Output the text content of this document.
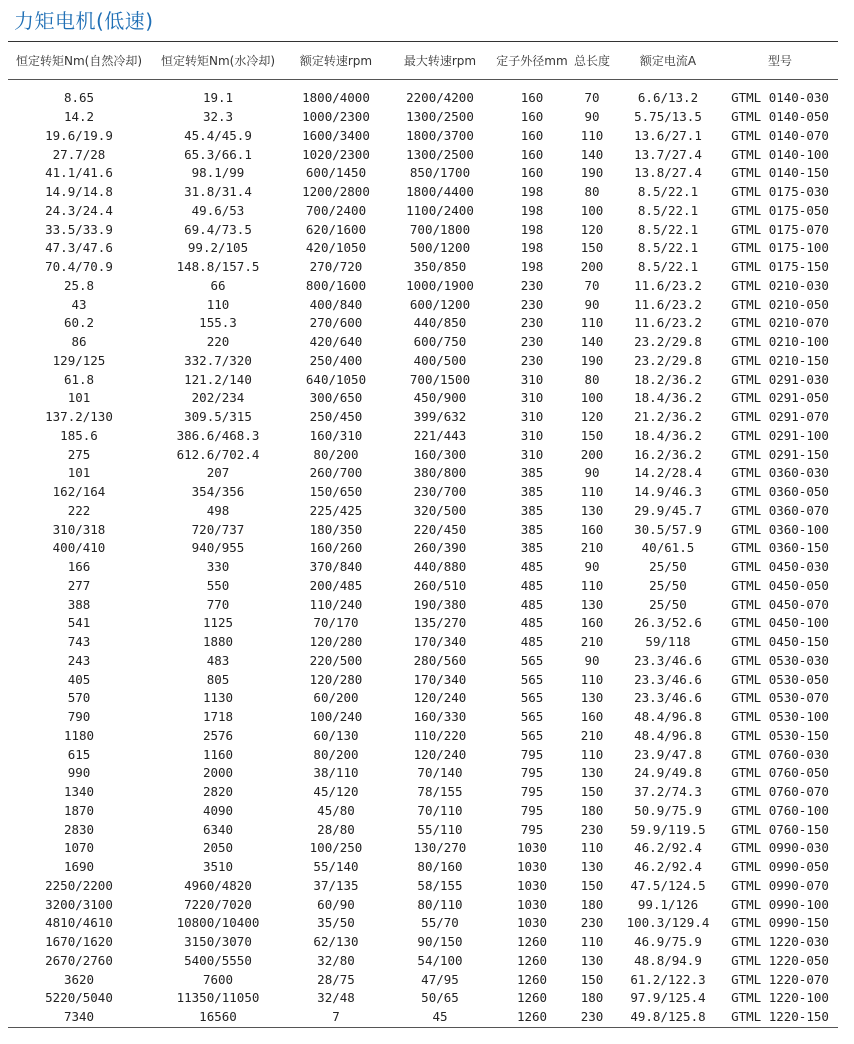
力矩电机(低速)
恒定转矩Nm(自然冷却)	恒定转矩Nm(水冷却)	额定转速rpm	最大转速rpm	定子外径mm	总长度	额定电流A	型号

8.65	19.1	1800/4000	2200/4200	160	70	6.6/13.2	GTML 0140-030
14.2	32.3	1000/2300	1300/2500	160	90	5.75/13.5	GTML 0140-050
19.6/19.9	45.4/45.9	1600/3400	1800/3700	160	110	13.6/27.1	GTML 0140-070
27.7/28	65.3/66.1	1020/2300	1300/2500	160	140	13.7/27.4	GTML 0140-100
41.1/41.6	98.1/99	600/1450	850/1700	160	190	13.8/27.4	GTML 0140-150
14.9/14.8	31.8/31.4	1200/2800	1800/4400	198	80	8.5/22.1	GTML 0175-030
24.3/24.4	49.6/53	700/2400	1100/2400	198	100	8.5/22.1	GTML 0175-050
33.5/33.9	69.4/73.5	620/1600	700/1800	198	120	8.5/22.1	GTML 0175-070
47.3/47.6	99.2/105	420/1050	500/1200	198	150	8.5/22.1	GTML 0175-100
70.4/70.9	148.8/157.5	270/720	350/850	198	200	8.5/22.1	GTML 0175-150
25.8	66	800/1600	1000/1900	230	70	11.6/23.2	GTML 0210-030
43	110	400/840	600/1200	230	90	11.6/23.2	GTML 0210-050
60.2	155.3	270/600	440/850	230	110	11.6/23.2	GTML 0210-070
86	220	420/640	600/750	230	140	23.2/29.8	GTML 0210-100
129/125	332.7/320	250/400	400/500	230	190	23.2/29.8	GTML 0210-150
61.8	121.2/140	640/1050	700/1500	310	80	18.2/36.2	GTML 0291-030
101	202/234	300/650	450/900	310	100	18.4/36.2	GTML 0291-050
137.2/130	309.5/315	250/450	399/632	310	120	21.2/36.2	GTML 0291-070
185.6	386.6/468.3	160/310	221/443	310	150	18.4/36.2	GTML 0291-100
275	612.6/702.4	80/200	160/300	310	200	16.2/36.2	GTML 0291-150
101	207	260/700	380/800	385	90	14.2/28.4	GTML 0360-030
162/164	354/356	150/650	230/700	385	110	14.9/46.3	GTML 0360-050
222	498	225/425	320/500	385	130	29.9/45.7	GTML 0360-070
310/318	720/737	180/350	220/450	385	160	30.5/57.9	GTML 0360-100
400/410	940/955	160/260	260/390	385	210	40/61.5	GTML 0360-150
166	330	370/840	440/880	485	90	25/50	GTML 0450-030
277	550	200/485	260/510	485	110	25/50	GTML 0450-050
388	770	110/240	190/380	485	130	25/50	GTML 0450-070
541	1125	70/170	135/270	485	160	26.3/52.6	GTML 0450-100
743	1880	120/280	170/340	485	210	59/118	GTML 0450-150
243	483	220/500	280/560	565	90	23.3/46.6	GTML 0530-030
405	805	120/280	170/340	565	110	23.3/46.6	GTML 0530-050
570	1130	60/200	120/240	565	130	23.3/46.6	GTML 0530-070
790	1718	100/240	160/330	565	160	48.4/96.8	GTML 0530-100
1180	2576	60/130	110/220	565	210	48.4/96.8	GTML 0530-150
615	1160	80/200	120/240	795	110	23.9/47.8	GTML 0760-030
990	2000	38/110	70/140	795	130	24.9/49.8	GTML 0760-050
1340	2820	45/120	78/155	795	150	37.2/74.3	GTML 0760-070
1870	4090	45/80	70/110	795	180	50.9/75.9	GTML 0760-100
2830	6340	28/80	55/110	795	230	59.9/119.5	GTML 0760-150
1070	2050	100/250	130/270	1030	110	46.2/92.4	GTML 0990-030
1690	3510	55/140	80/160	1030	130	46.2/92.4	GTML 0990-050
2250/2200	4960/4820	37/135	58/155	1030	150	47.5/124.5	GTML 0990-070
3200/3100	7220/7020	60/90	80/110	1030	180	99.1/126	GTML 0990-100
4810/4610	10800/10400	35/50	55/70	1030	230	100.3/129.4	GTML 0990-150
1670/1620	3150/3070	62/130	90/150	1260	110	46.9/75.9	GTML 1220-030
2670/2760	5400/5550	32/80	54/100	1260	130	48.8/94.9	GTML 1220-050
3620	7600	28/75	47/95	1260	150	61.2/122.3	GTML 1220-070
5220/5040	11350/11050	32/48	50/65	1260	180	97.9/125.4	GTML 1220-100
7340	16560	7	45	1260	230	49.8/125.8	GTML 1220-150
